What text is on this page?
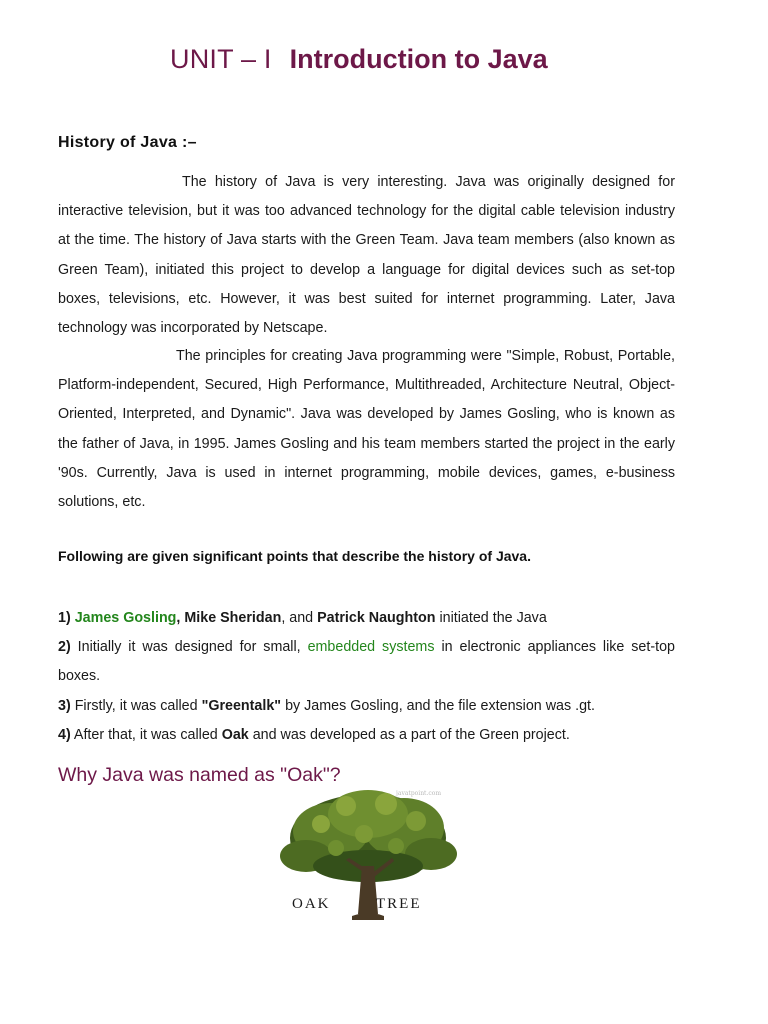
UNIT – I Introduction to Java
History of Java :–

The history of Java is very interesting. Java was originally designed for interactive television, but it was too advanced technology for the digital cable television industry at the time. The history of Java starts with the Green Team. Java team members (also known as Green Team), initiated this project to develop a language for digital devices such as set-top boxes, televisions, etc. However, it was best suited for internet programming. Later, Java technology was incorporated by Netscape.

The principles for creating Java programming were "Simple, Robust, Portable, Platform-independent, Secured, High Performance, Multithreaded, Architecture Neutral, Object-Oriented, Interpreted, and Dynamic". Java was developed by James Gosling, who is known as the father of Java, in 1995. James Gosling and his team members started the project in the early '90s. Currently, Java is used in internet programming, mobile devices, games, e-business solutions, etc.

Following are given significant points that describe the history of Java.
1) James Gosling, Mike Sheridan, and Patrick Naughton initiated the Java
2) Initially it was designed for small, embedded systems in electronic appliances like set-top boxes.
3) Firstly, it was called "Greentalk" by James Gosling, and the file extension was .gt.
4) After that, it was called Oak and was developed as a part of the Green project.
Why Java was named as "Oak"?
javatpoint.com
OAK	TREE
